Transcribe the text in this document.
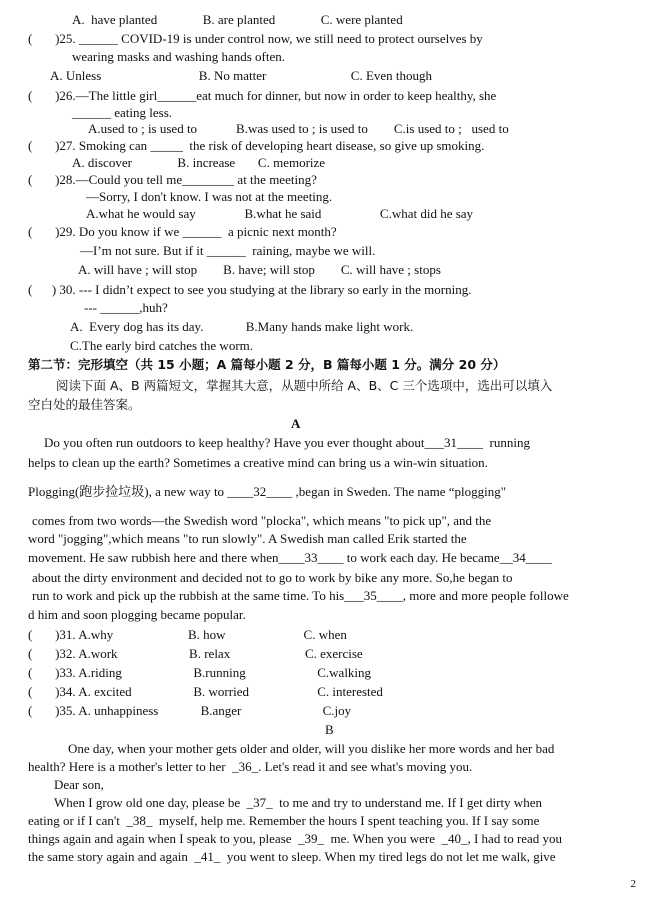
A.  have planted              B. are planted              C. were planted
(       )25. ______ COVID-19 is under control now, we still need to protect ourselves by
wearing masks and washing hands often.
A. Unless                              B. No matter                          C. Even though
(       )26.—The little girl______eat much for dinner, but now in order to keep healthy, she
______ eating less.
A.used to ; is used to            B.was used to ; is used to        C.is used to ;   used to
(       )27. Smoking can _____  the risk of developing heart disease, so give up smoking.
A. discover              B. increase       C. memorize
(       )28.—Could you tell me________ at the meeting?
—Sorry, I don't know. I was not at the meeting.
A.what he would say               B.what he said                  C.what did he say
(       )29. Do you know if we ______  a picnic next month?
—I’m not sure. But if it ______  raining, maybe we will.
A. will have ; will stop        B. have; will stop        C. will have ; stops
(      ) 30. --- I didn’t expect to see you studying at the library so early in the morning.
--- ______,huh?
A.  Every dog has its day.             B.Many hands make light work.
C.The early bird catches the worm.
第二节：完形填空（共 15 小题；A 篇每小题 2 分，B 篇每小题 1 分。满分 20 分）
阅读下面 A、B 两篇短文，掌握其大意，从题中所给 A、B、C 三个选项中，选出可以填入
空白处的最佳答案。
A
Do you often run outdoors to keep healthy? Have you ever thought about___31____  running
helps to clean up the earth? Sometimes a creative mind can bring us a win-win situation.
Plogging(跑步捡垃圾), a new way to ____32____ ,began in Sweden. The name “plogging"
comes from two words—the Swedish word "plocka", which means "to pick up", and the
word "jogging",which means "to run slowly". A Swedish man called Erik started the
movement. He saw rubbish here and there when____33____ to work each day. He became__34____
about the dirty environment and decided not to go to work by bike any more. So,he began to
run to work and pick up the rubbish at the same time. To his___35____, more and more people followe
d him and soon plogging became popular.
(       )31. A.why                       B. how                        C. when
(       )32. A.work                      B. relax                       C. exercise
(       )33. A.riding                      B.running                      C.walking
(       )34. A. excited                   B. worried                     C. interested
(       )35. A. unhappiness             B.anger                         C.joy
B
One day, when your mother gets older and older, will you dislike her more words and her bad
health? Here is a mother's letter to her  _36_. Let's read it and see what's moving you.
Dear son,
When I grow old one day, please be  _37_  to me and try to understand me. If I get dirty when
eating or if I can't  _38_  myself, help me. Remember the hours I spent teaching you. If I say some
things again and again when I speak to you, please  _39_  me. When you were  _40_, I had to read you
the same story again and again  _41_  you went to sleep. When my tired legs do not let me walk, give
2
